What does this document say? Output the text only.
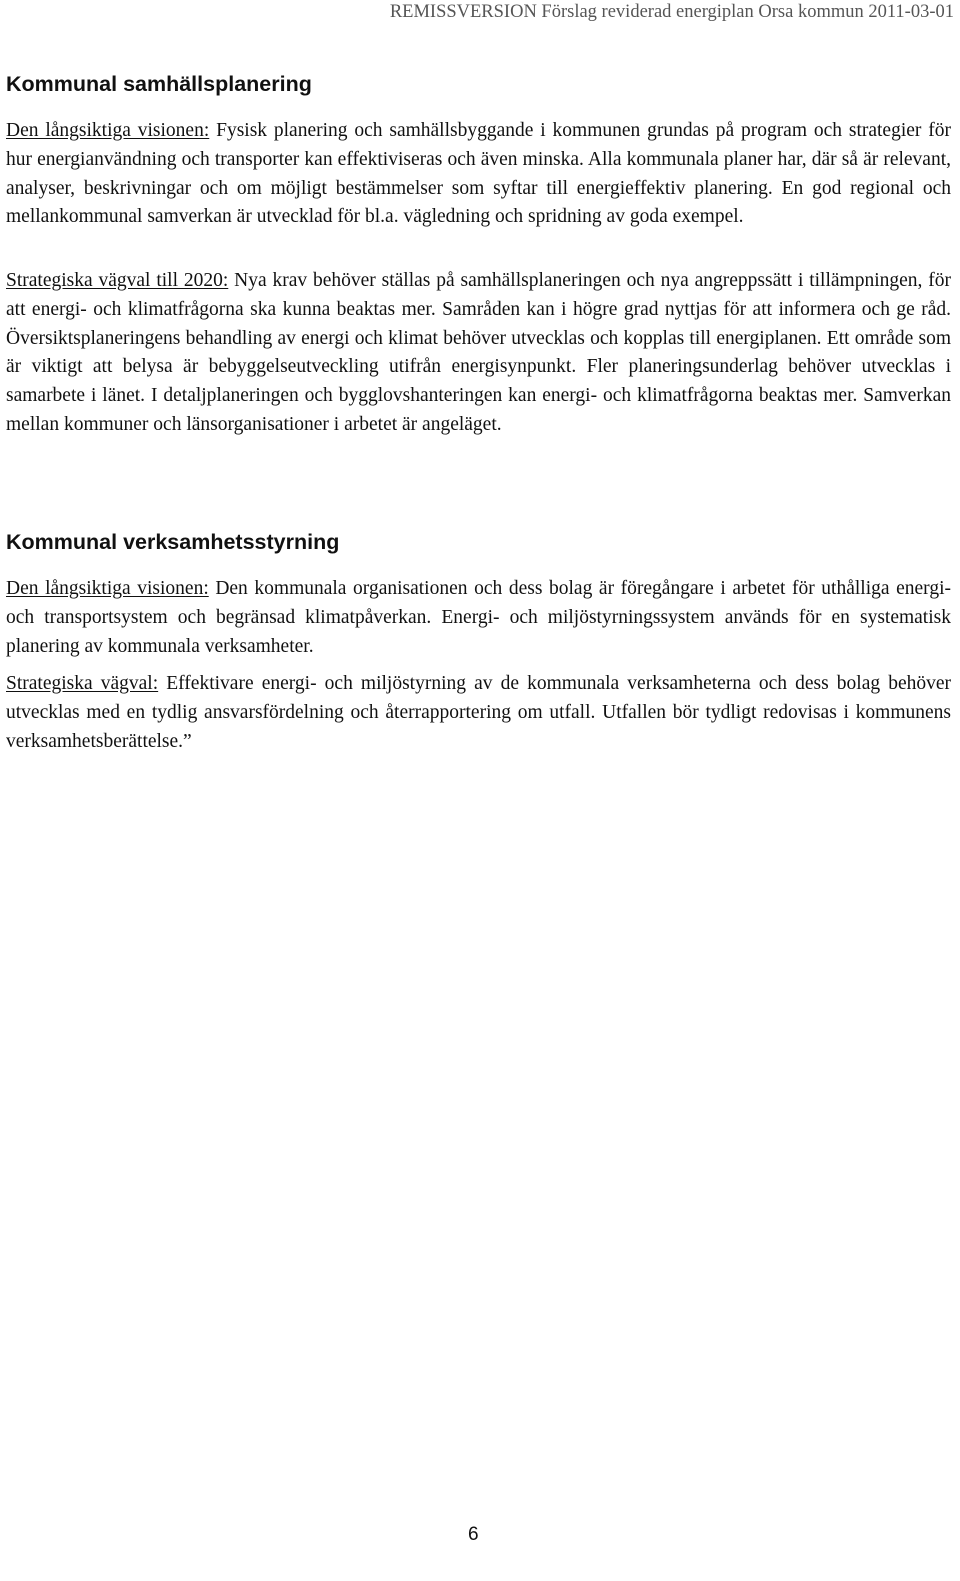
REMISSVERSION Förslag reviderad energiplan Orsa kommun 2011-03-01
Kommunal samhällsplanering

Den långsiktiga visionen: Fysisk planering och samhällsbyggande i kommunen grundas på program och strategier för hur energianvändning och transporter kan effektiviseras och även minska. Alla kommunala planer har, där så är relevant, analyser, beskrivningar och om möjligt bestämmelser som syftar till energieffektiv planering. En god regional och mellankommunal samverkan är utvecklad för bl.a. vägledning och spridning av goda exempel.

Strategiska vägval till 2020: Nya krav behöver ställas på samhällsplaneringen och nya angreppssätt i tillämpningen, för att energi- och klimatfrågorna ska kunna beaktas mer. Samråden kan i högre grad nyttjas för att informera och ge råd. Översiktsplaneringens behandling av energi och klimat behöver utvecklas och kopplas till energiplanen. Ett område som är viktigt att belysa är bebyggelseutveckling utifrån energisynpunkt. Fler planeringsunderlag behöver utvecklas i samarbete i länet. I detaljplaneringen och bygglovshanteringen kan energi- och klimatfrågorna beaktas mer. Samverkan mellan kommuner och länsorganisationer i arbetet är angeläget.

Kommunal verksamhetsstyrning

Den långsiktiga visionen: Den kommunala organisationen och dess bolag är föregångare i arbetet för uthålliga energi- och transportsystem och begränsad klimatpåverkan. Energi- och miljöstyrningssystem används för en systematisk planering av kommunala verksamheter.

Strategiska vägval: Effektivare energi- och miljöstyrning av de kommunala verksamheterna och dess bolag behöver utvecklas med en tydlig ansvarsfördelning och återrapportering om utfall. Utfallen bör tydligt redovisas i kommunens verksamhetsberättelse.”

6
